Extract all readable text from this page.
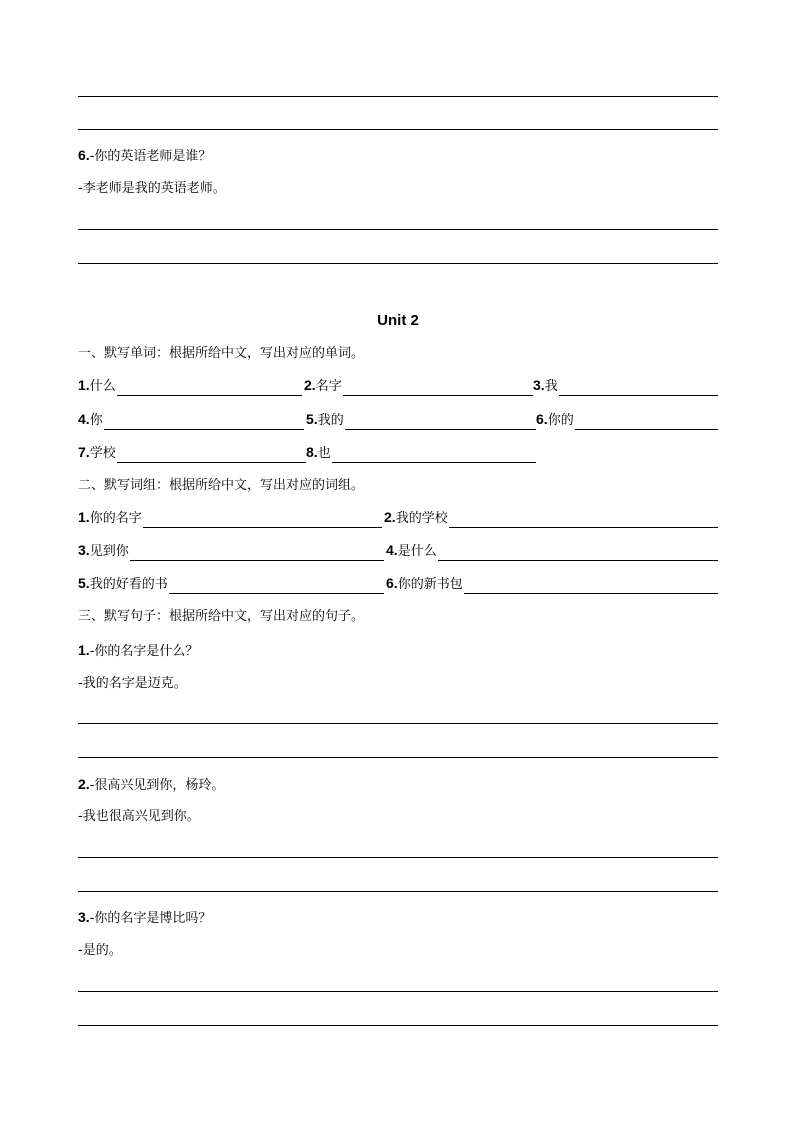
6.-你的英语老师是谁？
-李老师是我的英语老师。
Unit 2
一、默写单词：根据所给中文，写出对应的单词。
1.什么	2.名字	3.我
4.你	5.我的	6.你的
7.学校	8.也
二、默写词组：根据所给中文，写出对应的词组。
1.你的名字	2.我的学校
3.见到你	4.是什么
5.我的好看的书	6.你的新书包
三、默写句子：根据所给中文，写出对应的句子。
1.-你的名字是什么？
-我的名字是迈克。
2.-很高兴见到你，杨玲。
-我也很高兴见到你。
3.-你的名字是博比吗？
-是的。
